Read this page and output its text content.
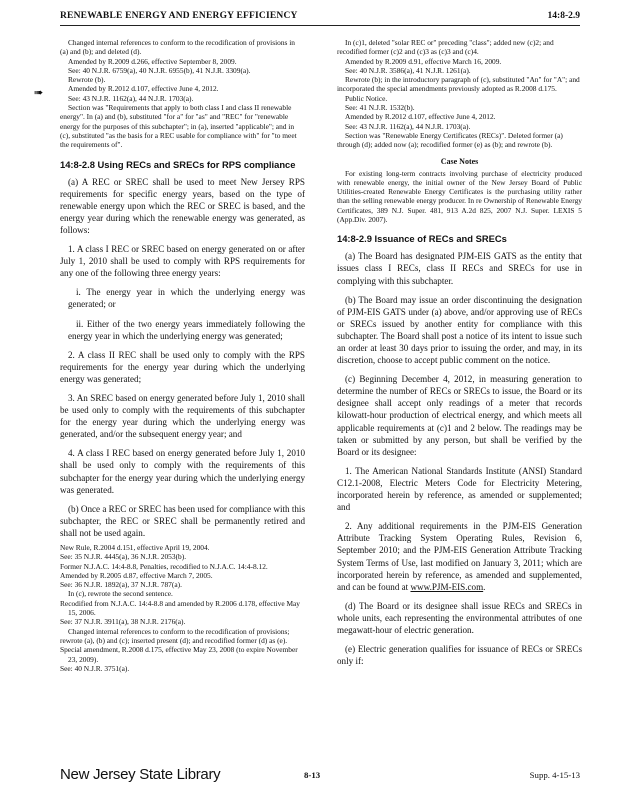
RENEWABLE ENERGY AND ENERGY EFFICIENCY	14:8-2.9
➠

Changed internal references to conform to the recodification of provisions in (a) and (b); and deleted (d).

Amended by R.2009 d.266, effective September 8, 2009.

See: 40 N.J.R. 6759(a), 40 N.J.R. 6955(b), 41 N.J.R. 3309(a).

Rewrote (b).

Amended by R.2012 d.107, effective June 4, 2012.

See: 43 N.J.R. 1162(a), 44 N.J.R. 1703(a).

Section was "Requirements that apply to both class I and class II renewable energy". In (a) and (b), substituted "for a" for "as" and "REC" for "renewable energy for the purposes of this subchapter"; in (a), inserted "applicable"; and in (c), substituted "as the basis for a REC usable for compliance with" for "to meet the requirements of".

14:8-2.8 Using RECs and SRECs for RPS compliance

(a) A REC or SREC shall be used to meet New Jersey RPS requirements for specific energy years, based on the type of renewable energy upon which the REC or SREC is based, and the energy year during which the renewable energy was generated, as follows:

1. A class I REC or SREC based on energy generated on or after July 1, 2010 shall be used to comply with RPS requirements for any one of the following three energy years:

i. The energy year in which the underlying energy was generated; or

ii. Either of the two energy years immediately following the energy year in which the underlying energy was generated;

2. A class II REC shall be used only to comply with the RPS requirements for the energy year during which the underlying energy was generated;

3. An SREC based on energy generated before July 1, 2010 shall be used only to comply with the requirements of this subchapter for the energy year during which the underlying energy was generated, and/or the subsequent energy year; and

4. A class I REC based on energy generated before July 1, 2010 shall be used only to comply with the requirements of this subchapter for the energy year during which the underlying energy was generated.

(b) Once a REC or SREC has been used for compliance with this subchapter, the REC or SREC shall be permanently retired and shall not be used again.

New Rule, R.2004 d.151, effective April 19, 2004.

See: 35 N.J.R. 4445(a), 36 N.J.R. 2053(b).

Former N.J.A.C. 14:4-8.8, Penalties, recodified to N.J.A.C. 14:4-8.12.

Amended by R.2005 d.87, effective March 7, 2005.

See: 36 N.J.R. 1892(a), 37 N.J.R. 787(a).

In (c), rewrote the second sentence.

Recodified from N.J.A.C. 14:4-8.8 and amended by R.2006 d.178, effective May 15, 2006.

See: 37 N.J.R. 3911(a), 38 N.J.R. 2176(a).

Changed internal references to conform to the recodification of provisions; rewrote (a), (b) and (c); inserted present (d); and recodified former (d) as (e).

Special amendment, R.2008 d.175, effective May 23, 2008 (to expire November 23, 2009).

See: 40 N.J.R. 3751(a).

In (c)1, deleted "solar REC or" preceding "class"; added new (c)2; and recodified former (c)2 and (c)3 as (c)3 and (c)4.

Amended by R.2009 d.91, effective March 16, 2009.

See: 40 N.J.R. 3586(a), 41 N.J.R. 1261(a).

Rewrote (b); in the introductory paragraph of (c), substituted "An" for "A"; and incorporated the special amendments previously adopted as R.2008 d.175.

Public Notice.

See: 41 N.J.R. 1532(b).

Amended by R.2012 d.107, effective June 4, 2012.

See: 43 N.J.R. 1162(a), 44 N.J.R. 1703(a).

Section was "Renewable Energy Certificates (RECs)". Deleted former (a) through (d); added now (a); recodified former (e) as (b); and rewrote (b).

Case Notes

For existing long-term contracts involving purchase of electricity produced with renewable energy, the initial owner of the New Jersey Board of Public Utilities-created Renewable Energy Certificates is the purchasing utility rather than the selling renewable energy producer. In re Ownership of Renewable Energy Certificates, 389 N.J. Super. 481, 913 A.2d 825, 2007 N.J. Super. LEXIS 5 (App.Div. 2007).

14:8-2.9 Issuance of RECs and SRECs

(a) The Board has designated PJM-EIS GATS as the entity that issues class I RECs, class II RECs and SRECs for use in complying with this subchapter.

(b) The Board may issue an order discontinuing the designation of PJM-EIS GATS under (a) above, and/or approving use of RECs or SRECs issued by another entity for compliance with this subchapter. The Board shall post a notice of its intent to issue such an order at least 30 days prior to issuing the order, and may, in its discretion, choose to accept public comment on the notice.

(c) Beginning December 4, 2012, in measuring generation to determine the number of RECs or SRECs to issue, the Board or its designee shall accept only readings of a meter that records kilowatt-hour production of electrical energy, and which meets all applicable requirements at (c)1 and 2 below. The readings may be taken or submitted by any person, but shall be verified by the Board or its designee:

1. The American National Standards Institute (ANSI) Standard C12.1-2008, Electric Meters Code for Electricity Metering, incorporated herein by reference, as amended or supplemented; and

2. Any additional requirements in the PJM-EIS Generation Attribute Tracking System Operating Rules, Revision 6, September 2010; and the PJM-EIS Generation Attribute Tracking System Terms of Use, last modified on January 3, 2011; which are incorporated herein by reference, as amended and supplemented, and can be found at www.PJM-EIS.com.

(d) The Board or its designee shall issue RECs and SRECs in whole units, each representing the environmental attributes of one megawatt-hour of electric generation.

(e) Electric generation qualifies for issuance of RECs or SRECs only if:

New Jersey State Library	8-13	Supp. 4-15-13
